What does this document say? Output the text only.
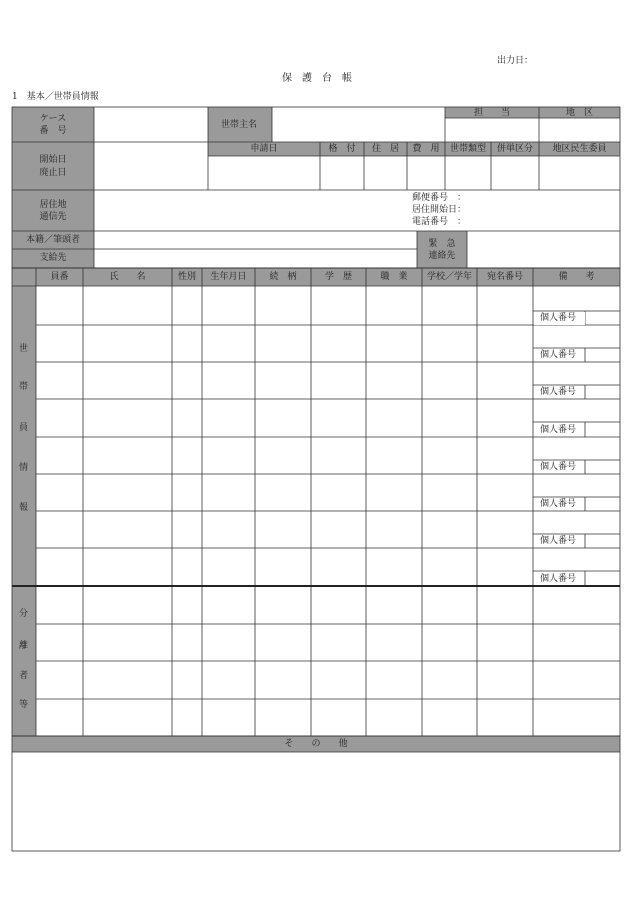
出力日：
保　護　台　帳
1　基本／世帯員情報
ケース
番　号
世帯主名
担　　当	地　区
申請日	格　付	住　居	費　用	世帯類型	併単区分	地区民生委員
開始日
廃止日
居住地
通信先
郵便番号　：
居住開始日：
電話番号　：
本籍／筆頭者
支給先
緊　急
連絡先
員番	氏　　名	性別	生年月日	続　柄	学　歴	職　業	学校／学年	宛名番号	備　　考
世
帯
員
情
報
個人番号
個人番号
個人番号
個人番号
個人番号
個人番号
個人番号
個人番号
分
離
者
等
そ　　の　　他
